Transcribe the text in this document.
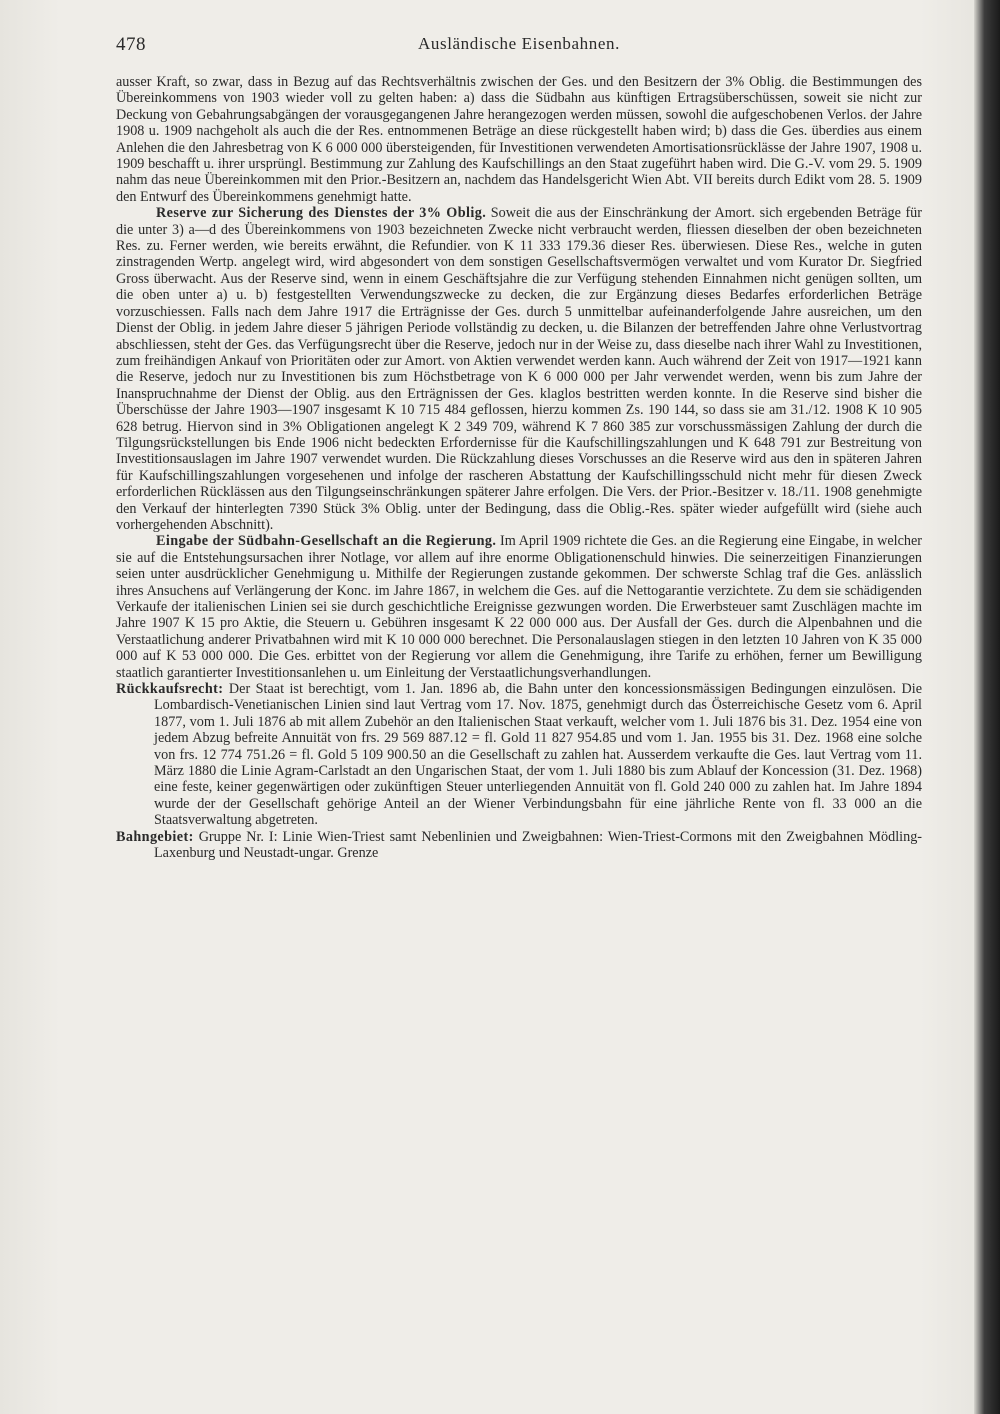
478	Ausländische Eisenbahnen.

ausser Kraft, so zwar, dass in Bezug auf das Rechtsverhältnis zwischen der Ges. und den Besitzern der 3% Oblig. die Bestimmungen des Übereinkommens von 1903 wieder voll zu gelten haben: a) dass die Südbahn aus künftigen Ertragsüberschüssen, soweit sie nicht zur Deckung von Gebahrungsabgängen der vorausgegangenen Jahre herangezogen werden müssen, sowohl die aufgeschobenen Verlos. der Jahre 1908 u. 1909 nachgeholt als auch die der Res. entnommenen Beträge an diese rückgestellt haben wird; b) dass die Ges. überdies aus einem Anlehen die den Jahresbetrag von K 6 000 000 übersteigenden, für Investitionen verwendeten Amortisationsrücklässe der Jahre 1907, 1908 u. 1909 beschafft u. ihrer ursprüngl. Bestimmung zur Zahlung des Kaufschillings an den Staat zugeführt haben wird. Die G.-V. vom 29. 5. 1909 nahm das neue Übereinkommen mit den Prior.-Besitzern an, nachdem das Handelsgericht Wien Abt. VII bereits durch Edikt vom 28. 5. 1909 den Entwurf des Übereinkommens genehmigt hatte.

Reserve zur Sicherung des Dienstes der 3% Oblig. Soweit die aus der Einschränkung der Amort. sich ergebenden Beträge für die unter 3) a—d des Übereinkommens von 1903 bezeichneten Zwecke nicht verbraucht werden, fliessen dieselben der oben bezeichneten Res. zu. Ferner werden, wie bereits erwähnt, die Refundier. von K 11 333 179.36 dieser Res. überwiesen. Diese Res., welche in guten zinstragenden Wertp. angelegt wird, wird abgesondert von dem sonstigen Gesellschaftsvermögen verwaltet und vom Kurator Dr. Siegfried Gross überwacht. Aus der Reserve sind, wenn in einem Geschäftsjahre die zur Verfügung stehenden Einnahmen nicht genügen sollten, um die oben unter a) u. b) festgestellten Verwendungszwecke zu decken, die zur Ergänzung dieses Bedarfes erforderlichen Beträge vorzuschiessen. Falls nach dem Jahre 1917 die Erträgnisse der Ges. durch 5 unmittelbar aufeinanderfolgende Jahre ausreichen, um den Dienst der Oblig. in jedem Jahre dieser 5 jährigen Periode vollständig zu decken, u. die Bilanzen der betreffenden Jahre ohne Verlustvortrag abschliessen, steht der Ges. das Verfügungsrecht über die Reserve, jedoch nur in der Weise zu, dass dieselbe nach ihrer Wahl zu Investitionen, zum freihändigen Ankauf von Prioritäten oder zur Amort. von Aktien verwendet werden kann. Auch während der Zeit von 1917—1921 kann die Reserve, jedoch nur zu Investitionen bis zum Höchstbetrage von K 6 000 000 per Jahr verwendet werden, wenn bis zum Jahre der Inanspruchnahme der Dienst der Oblig. aus den Erträgnissen der Ges. klaglos bestritten werden konnte. In die Reserve sind bisher die Überschüsse der Jahre 1903—1907 insgesamt K 10 715 484 geflossen, hierzu kommen Zs. 190 144, so dass sie am 31./12. 1908 K 10 905 628 betrug. Hiervon sind in 3% Obligationen angelegt K 2 349 709, während K 7 860 385 zur vorschussmässigen Zahlung der durch die Tilgungsrückstellungen bis Ende 1906 nicht bedeckten Erfordernisse für die Kaufschillingszahlungen und K 648 791 zur Bestreitung von Investitionsauslagen im Jahre 1907 verwendet wurden. Die Rückzahlung dieses Vorschusses an die Reserve wird aus den in späteren Jahren für Kaufschillingszahlungen vorgesehenen und infolge der rascheren Abstattung der Kaufschillingsschuld nicht mehr für diesen Zweck erforderlichen Rücklässen aus den Tilgungseinschränkungen späterer Jahre erfolgen. Die Vers. der Prior.-Besitzer v. 18./11. 1908 genehmigte den Verkauf der hinterlegten 7390 Stück 3% Oblig. unter der Bedingung, dass die Oblig.-Res. später wieder aufgefüllt wird (siehe auch vorhergehenden Abschnitt).

Eingabe der Südbahn-Gesellschaft an die Regierung. Im April 1909 richtete die Ges. an die Regierung eine Eingabe, in welcher sie auf die Entstehungsursachen ihrer Notlage, vor allem auf ihre enorme Obligationenschuld hinwies. Die seinerzeitigen Finanzierungen seien unter ausdrücklicher Genehmigung u. Mithilfe der Regierungen zustande gekommen. Der schwerste Schlag traf die Ges. anlässlich ihres Ansuchens auf Verlängerung der Konc. im Jahre 1867, in welchem die Ges. auf die Nettogarantie verzichtete. Zu dem sie schädigenden Verkaufe der italienischen Linien sei sie durch geschichtliche Ereignisse gezwungen worden. Die Erwerbsteuer samt Zuschlägen machte im Jahre 1907 K 15 pro Aktie, die Steuern u. Gebühren insgesamt K 22 000 000 aus. Der Ausfall der Ges. durch die Alpenbahnen und die Verstaatlichung anderer Privatbahnen wird mit K 10 000 000 berechnet. Die Personalauslagen stiegen in den letzten 10 Jahren von K 35 000 000 auf K 53 000 000. Die Ges. erbittet von der Regierung vor allem die Genehmigung, ihre Tarife zu erhöhen, ferner um Bewilligung staatlich garantierter Investitionsanlehen u. um Einleitung der Verstaatlichungsverhandlungen.

Rückkaufsrecht: Der Staat ist berechtigt, vom 1. Jan. 1896 ab, die Bahn unter den koncessionsmässigen Bedingungen einzulösen. Die Lombardisch-Venetianischen Linien sind laut Vertrag vom 17. Nov. 1875, genehmigt durch das Österreichische Gesetz vom 6. April 1877, vom 1. Juli 1876 ab mit allem Zubehör an den Italienischen Staat verkauft, welcher vom 1. Juli 1876 bis 31. Dez. 1954 eine von jedem Abzug befreite Annuität von frs. 29 569 887.12 = fl. Gold 11 827 954.85 und vom 1. Jan. 1955 bis 31. Dez. 1968 eine solche von frs. 12 774 751.26 = fl. Gold 5 109 900.50 an die Gesellschaft zu zahlen hat. Ausserdem verkaufte die Ges. laut Vertrag vom 11. März 1880 die Linie Agram-Carlstadt an den Ungarischen Staat, der vom 1. Juli 1880 bis zum Ablauf der Koncession (31. Dez. 1968) eine feste, keiner gegenwärtigen oder zukünftigen Steuer unterliegenden Annuität von fl. Gold 240 000 zu zahlen hat. Im Jahre 1894 wurde der der Gesellschaft gehörige Anteil an der Wiener Verbindungsbahn für eine jährliche Rente von fl. 33 000 an die Staatsverwaltung abgetreten.

Bahngebiet: Gruppe Nr. I: Linie Wien-Triest samt Nebenlinien und Zweigbahnen: Wien-Triest-Cormons mit den Zweigbahnen Mödling-Laxenburg und Neustadt-ungar. Grenze
